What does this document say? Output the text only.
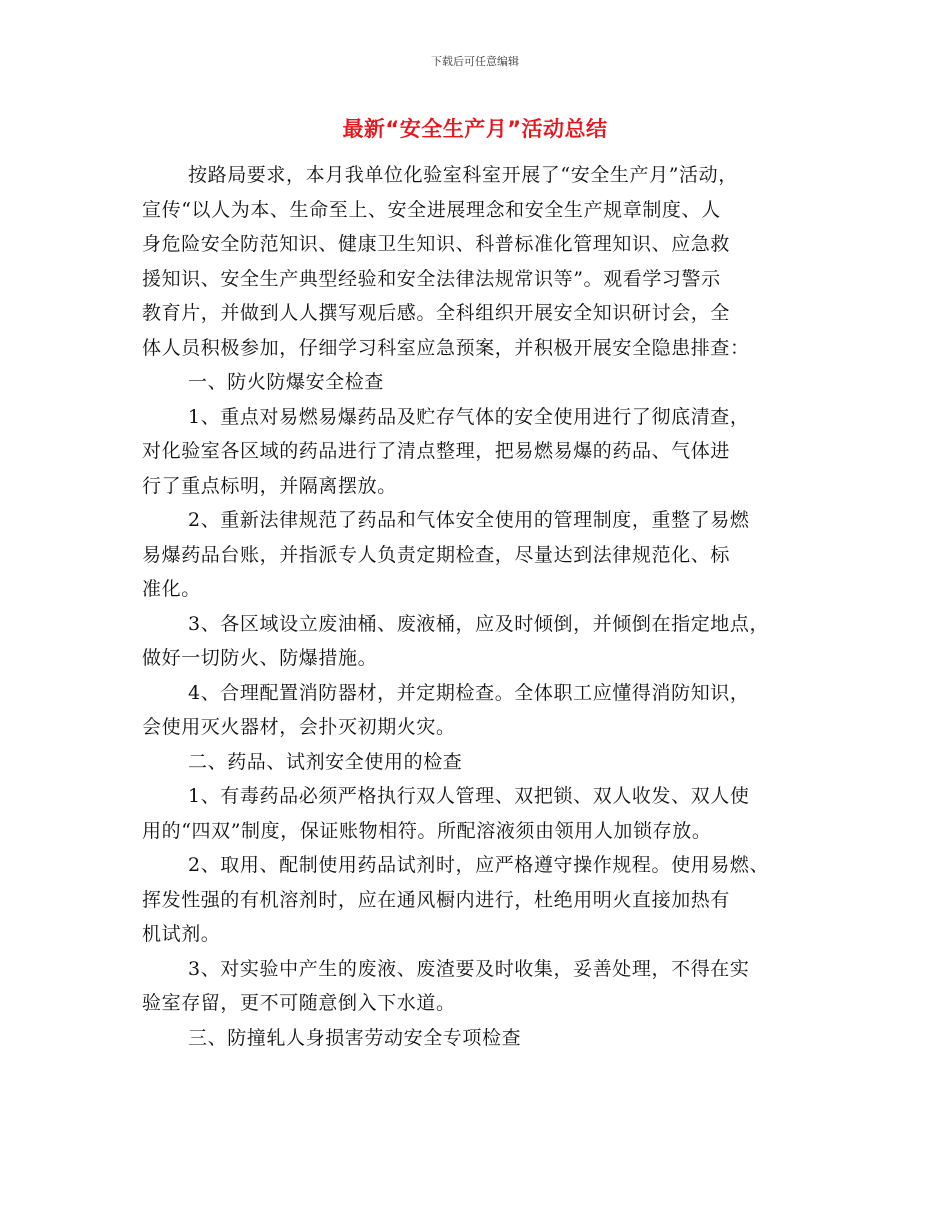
下载后可任意编辑
最新“安全生产月”活动总结
按路局要求，本月我单位化验室科室开展了“安全生产月”活动，
宣传“以人为本、生命至上、安全进展理念和安全生产规章制度、人
身危险安全防范知识、健康卫生知识、科普标准化管理知识、应急救
援知识、安全生产典型经验和安全法律法规常识等”。观看学习警示
教育片，并做到人人撰写观后感。全科组织开展安全知识研讨会，全
体人员积极参加，仔细学习科室应急预案，并积极开展安全隐患排查：
一、防火防爆安全检查
1、重点对易燃易爆药品及贮存气体的安全使用进行了彻底清查，
对化验室各区域的药品进行了清点整理，把易燃易爆的药品、气体进
行了重点标明，并隔离摆放。
2、重新法律规范了药品和气体安全使用的管理制度，重整了易燃
易爆药品台账，并指派专人负责定期检查，尽量达到法律规范化、标
准化。
3、各区域设立废油桶、废液桶，应及时倾倒，并倾倒在指定地点，
做好一切防火、防爆措施。
4、合理配置消防器材，并定期检查。全体职工应懂得消防知识，
会使用灭火器材，会扑灭初期火灾。
二、药品、试剂安全使用的检查
1、有毒药品必须严格执行双人管理、双把锁、双人收发、双人使
用的“四双”制度，保证账物相符。所配溶液须由领用人加锁存放。
2、取用、配制使用药品试剂时，应严格遵守操作规程。使用易燃、
挥发性强的有机溶剂时，应在通风橱内进行，杜绝用明火直接加热有
机试剂。
3、对实验中产生的废液、废渣要及时收集，妥善处理，不得在实
验室存留，更不可随意倒入下水道。
三、防撞轧人身损害劳动安全专项检查
